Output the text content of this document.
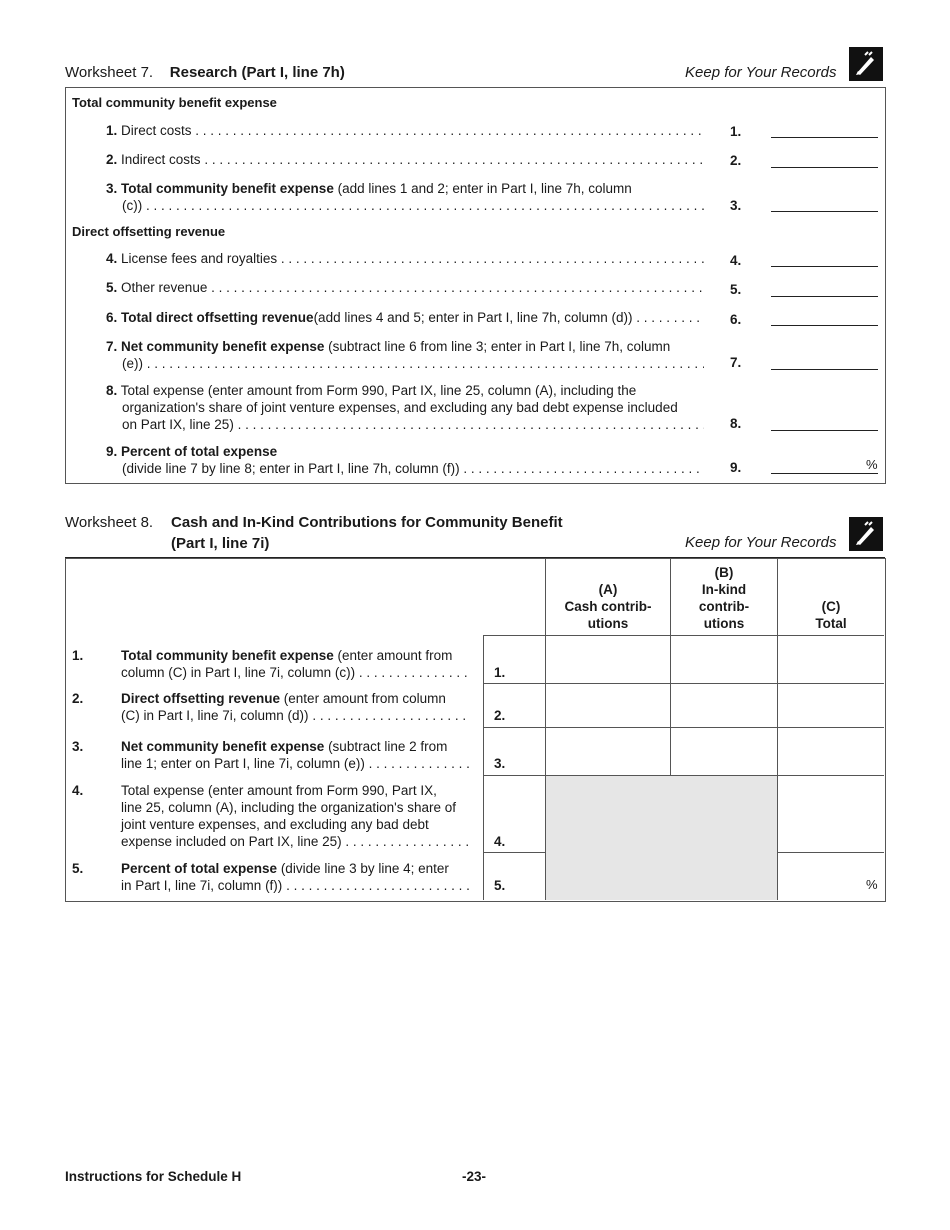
Worksheet 7. Research (Part I, line 7h)	Keep for Your Records
Total community benefit expense
1.
Direct costs . . .	1.
2.
Indirect costs . . .	2.
3. Total community benefit expense (add lines 1 and 2; enter in Part I, line 7h, column
(c)) . . .	3.
Direct offsetting revenue
4.
License fees and royalties . . .	4.
5.
Other revenue . . .	5.
6.
Total direct offsetting revenue (add lines 4 and 5; enter in Part I, line 7h, column (d)) . . .	6.
7. Net community benefit expense (subtract line 6 from line 3; enter in Part I, line 7h, column
(e)) . . .	7.
8. Total expense (enter amount from Form 990, Part IX, line 25, column (A), including the
organization's share of joint venture expenses, and excluding any bad debt expense included
on Part IX, line 25) . . .	8.
9. Percent of total expense
(divide line 7 by line 8; enter in Part I, line 7h, column (f)) . . .	9.	%
Worksheet 8. Cash and In-Kind Contributions for Community Benefit
(Part I, line 7i)	Keep for Your Records
(A)
Cash contrib-
utions
(B)
In-kind
contrib-
utions
(C)
Total
1.	Total community benefit expense (enter amount from
column (C) in Part I, line 7i, column (c)) . . .	1.
2.	Direct offsetting revenue (enter amount from column
(C) in Part I, line 7i, column (d)) . . .	2.
3.	Net community benefit expense (subtract line 2 from
line 1; enter on Part I, line 7i, column (e)) . . .	3.
4.	Total expense (enter amount from Form 990, Part IX,
line 25, column (A), including the organization's share of
joint venture expenses, and excluding any bad debt
expense included on Part IX, line 25) . . .	4.
5.	Percent of total expense (divide line 3 by line 4; enter
in Part I, line 7i, column (f)) . . .	5.	%
Instructions for Schedule H	-23-
